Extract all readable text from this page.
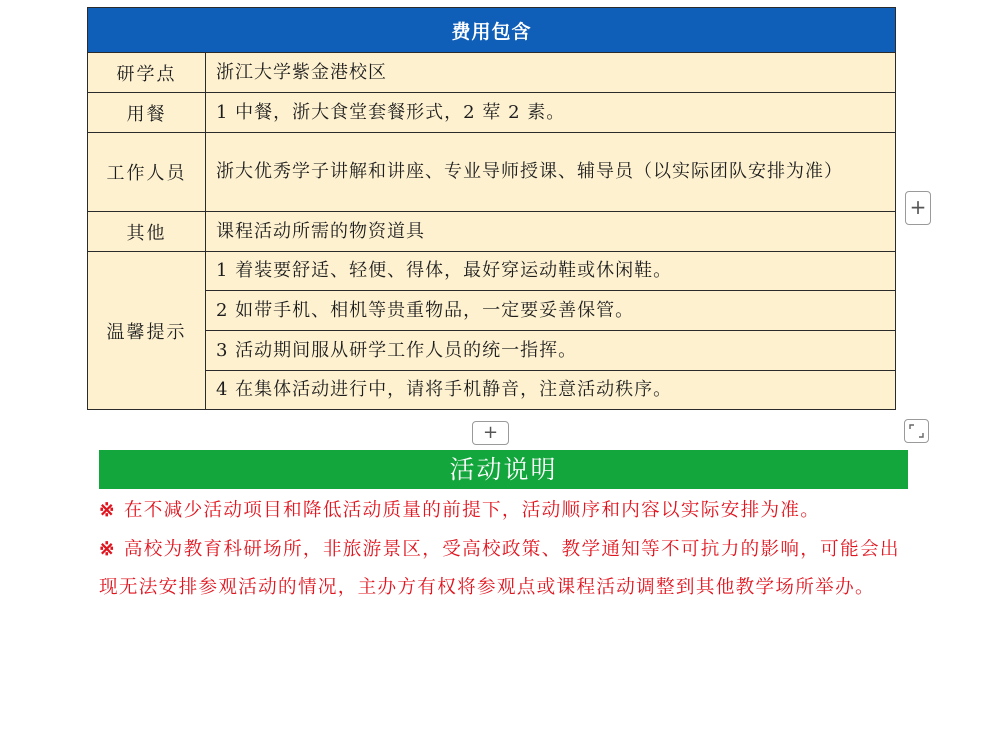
费用包含	
研学点	浙江大学紫金港校区
用餐	1 中餐，浙大食堂套餐形式，2 荤 2 素。
工作人员	浙大优秀学子讲解和讲座、专业导师授课、辅导员（以实际团队安排为准）
其他	课程活动所需的物资道具
温馨提示	1 着装要舒适、轻便、得体，最好穿运动鞋或休闲鞋。
	2 如带手机、相机等贵重物品，一定要妥善保管。
	3 活动期间服从研学工作人员的统一指挥。
	4 在集体活动进行中，请将手机静音，注意活动秩序。
+
+
活动说明

※ 在不减少活动项目和降低活动质量的前提下，活动顺序和内容以实际安排为准。

※ 高校为教育科研场所，非旅游景区，受高校政策、教学通知等不可抗力的影响，可能会出现无法安排参观活动的情况，主办方有权将参观点或课程活动调整到其他教学场所举办。
